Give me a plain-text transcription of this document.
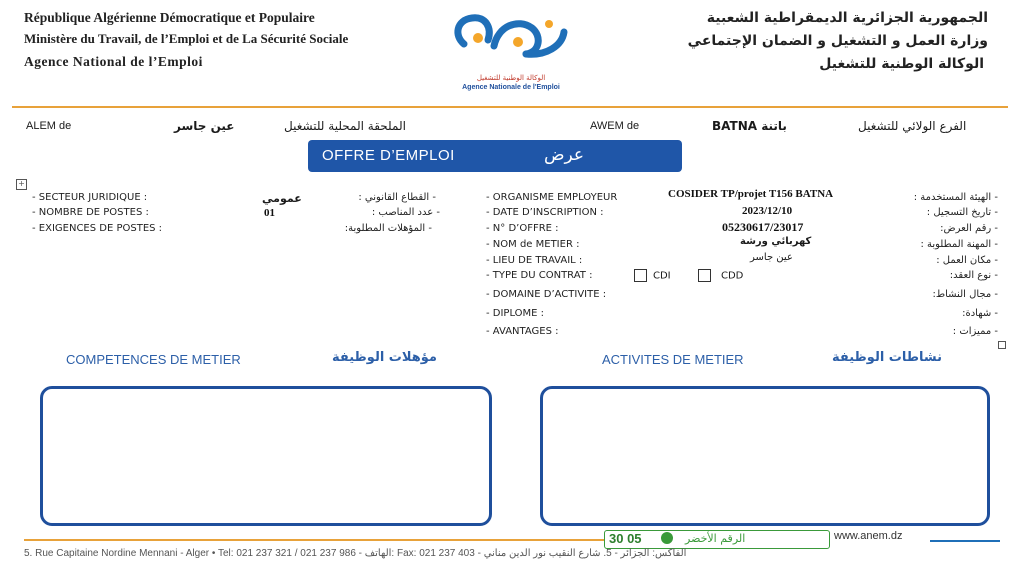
République Algérienne Démocratique et Populaire
Ministère du Travail, de l’Emploi et de La Sécurité Sociale
Agence National de l’Emploi
الجمهورية الجزائرية الديمقراطية الشعبية
وزارة العمل و التشغيل و الضمان الإجتماعي
الوكالة الوطنية للتشغيل
الوكالة الوطنية للتشغيل
Agence Nationale de l'Emploi
ALEM de	عين جاسر	الملحقة المحلية للتشغيل	AWEM de	BATNA باتنة	الفرع الولائي للتشغيل
OFFRE D’EMPLOI	عرض
+
- SECTEUR JURIDIQUE :	عمومي	- القطاع القانوني :
- NOMBRE DE POSTES :	01	- عدد المناصب :
- EXIGENCES DE POSTES :	- المؤهلات المطلوبة:
- ORGANISME EMPLOYEUR	COSIDER TP/projet T156 BATNA	- الهيئة المستخدمة :
- DATE D’INSCRIPTION :	2023/12/10	- تاريخ التسجيل :
- N° D’OFFRE :	05230617/23017	- رقم العرض:
- NOM de METIER :	كهربائي ورشة	- المهنة المطلوبة :
- LIEU DE TRAVAIL :	عين جاسر	- مكان العمل :
- TYPE DU CONTRAT :	CDI	CDD	- نوع العقد:
- DOMAINE D’ACTIVITE :	- مجال النشاط:
- DIPLOME :	- شهادة:
- AVANTAGES :	- مميزات :
COMPETENCES DE METIER	مؤهلات الوظيفة	ACTIVITES DE METIER	نشاطات الوظيفة
30 05	الرقم الأخضر	www.anem.dz
5. Rue Capitaine Nordine Mennani - Alger • Tel: 021 237 321 / 021 237 986 - الهاتف: Fax: 021 237 403 - الفاكس: الجزائر - 5. شارع النقيب نور الدين مناني
